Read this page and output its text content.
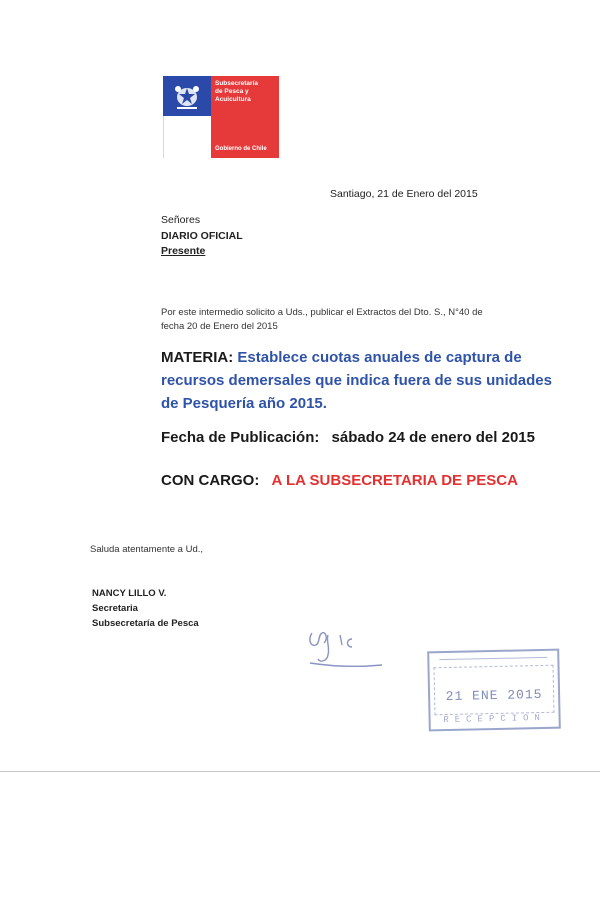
Subsecretaría
de Pesca y
Acuicultura
Gobierno de Chile
Santiago, 21 de Enero del 2015
Señores
DIARIO OFICIAL
Presente
Por este intermedio solicito a Uds., publicar el Extractos del Dto. S., N°40 de
fecha 20 de Enero del 2015
MATERIA: Establece cuotas anuales de captura de
recursos demersales que indica fuera de sus unidades
de Pesquería año 2015.
Fecha de Publicación: sábado 24 de enero del 2015
CON CARGO: A LA SUBSECRETARIA DE PESCA
Saluda atentamente a Ud.,
NANCY LILLO V.
Secretaria
Subsecretaría de Pesca
21 ENE 2015
RECEPCION
